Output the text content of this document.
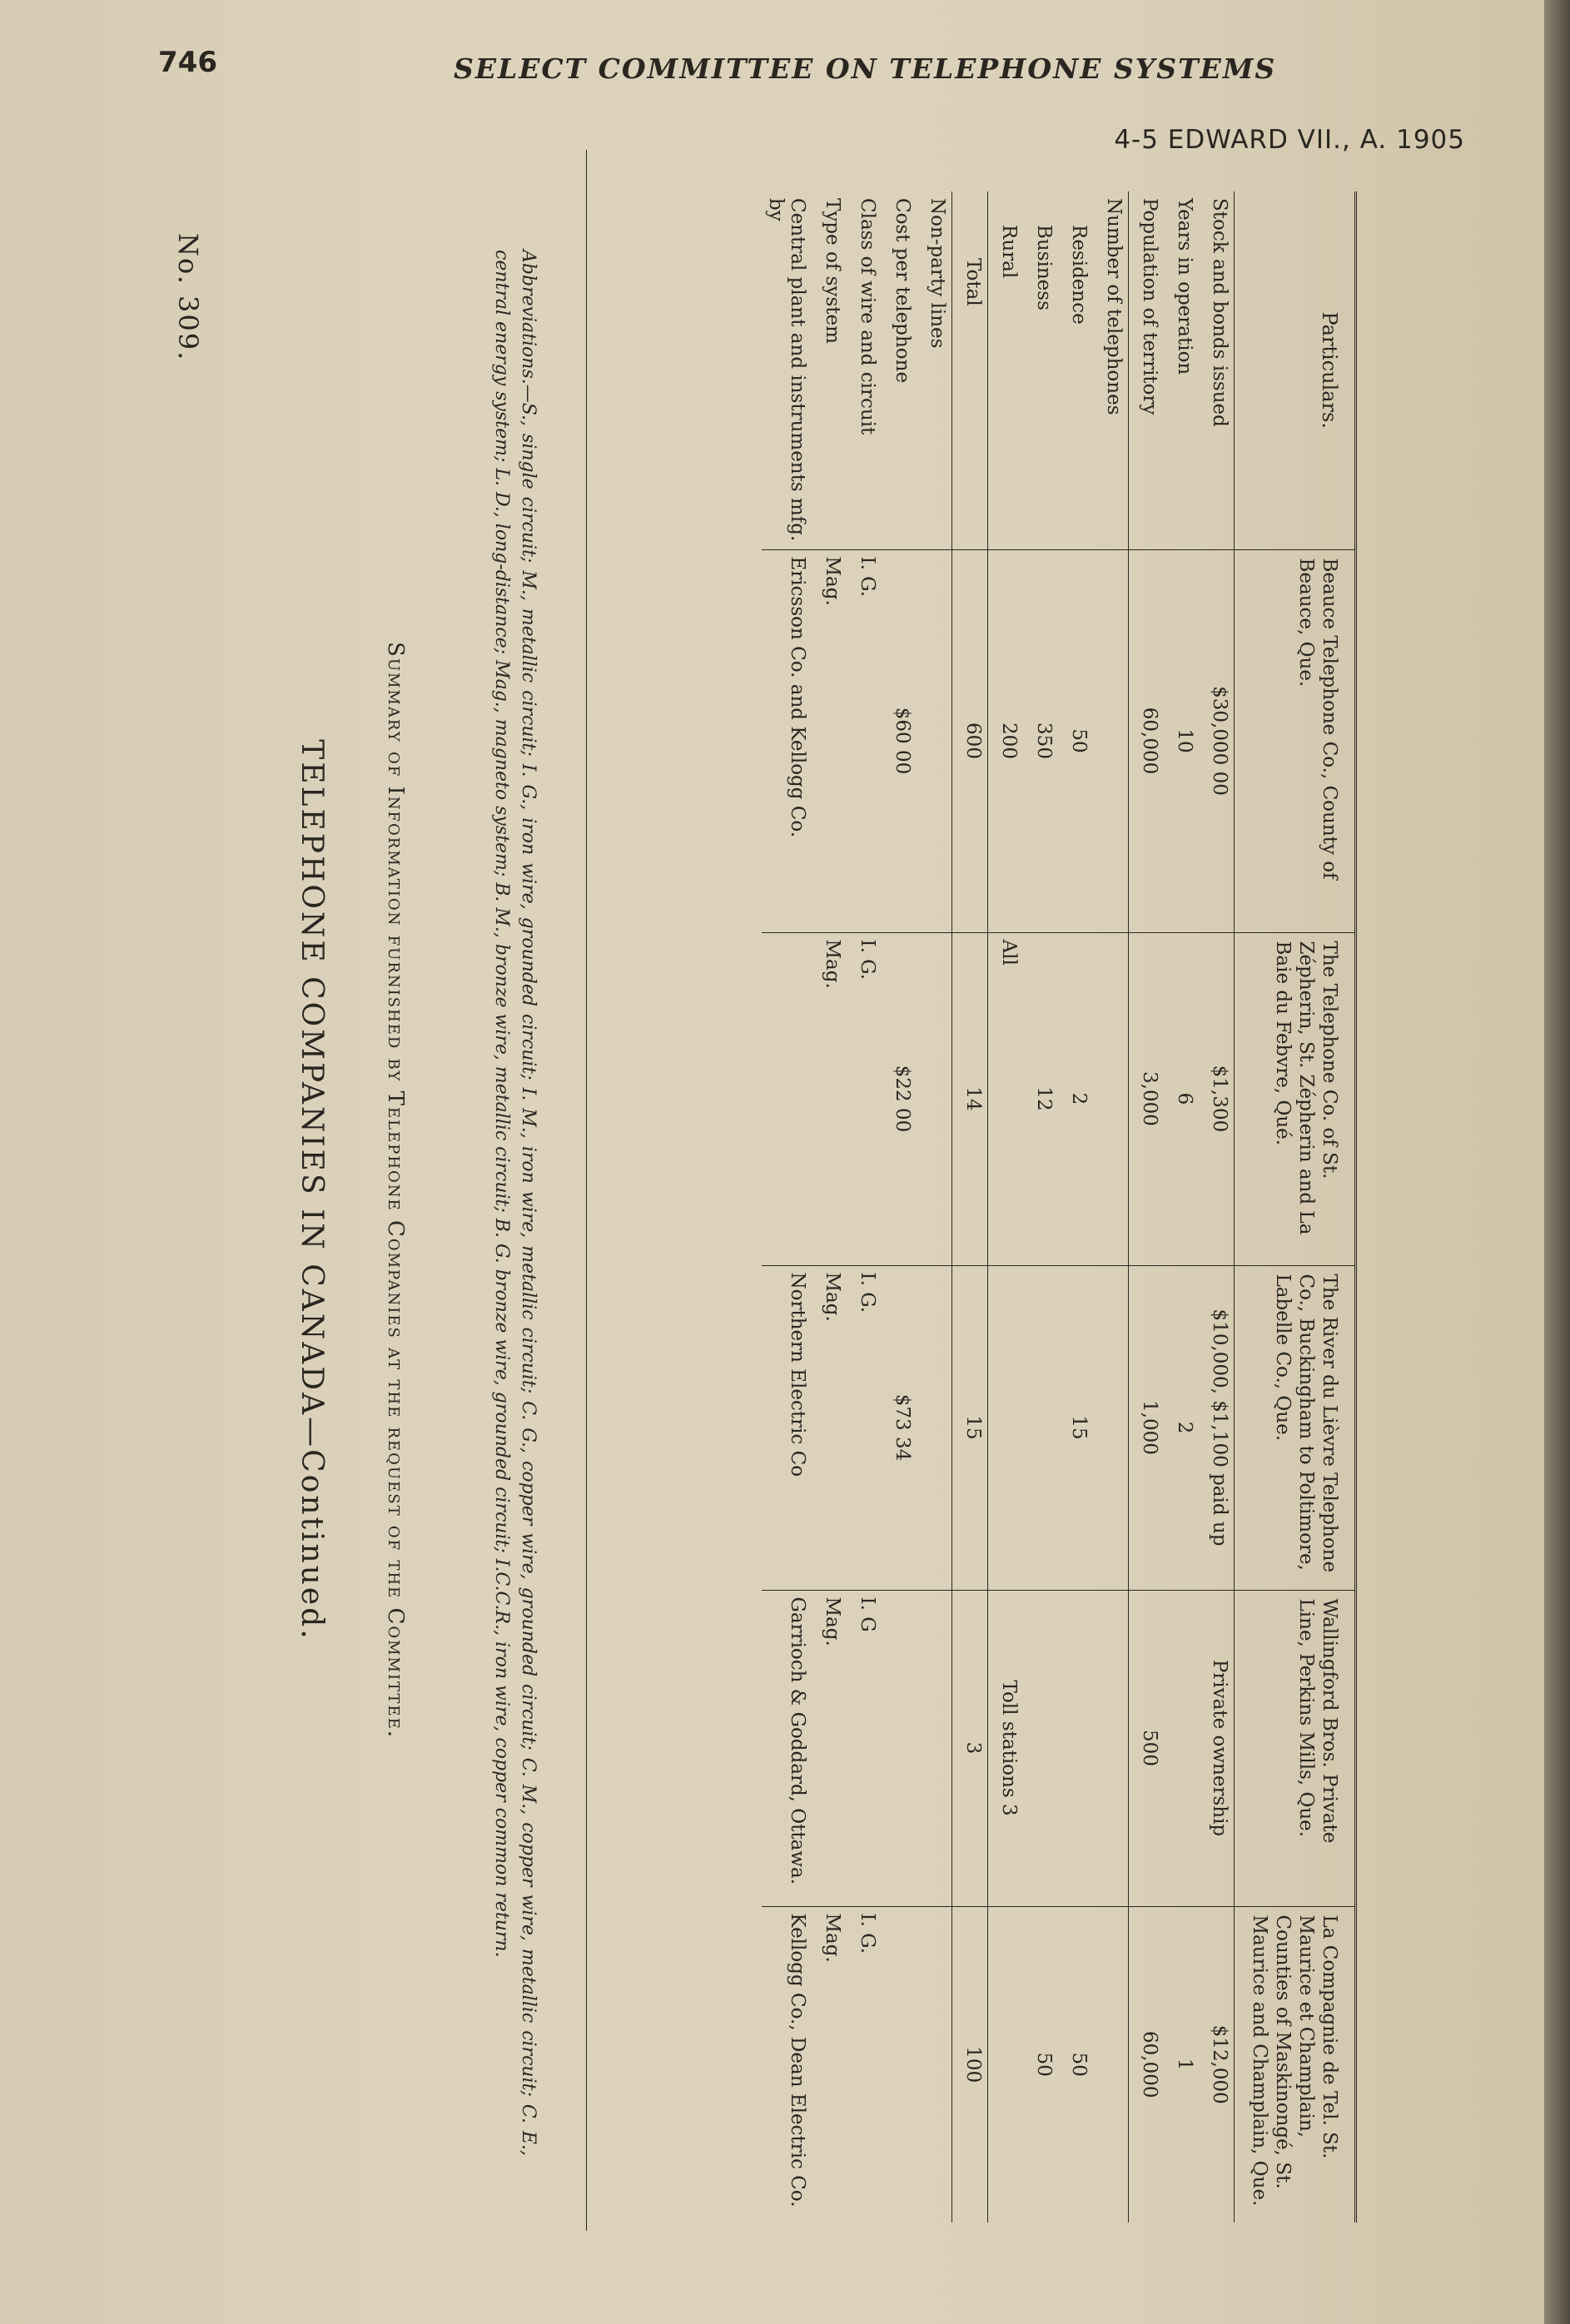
746	SELECT COMMITTEE ON TELEPHONE SYSTEMS
4-5 EDWARD VII., A. 1905
No. 309.
TELEPHONE COMPANIES IN CANADA—Continued.	Summary of Information furnished by Telephone Companies at the request of the Committee.	Abbreviations.—S., single circuit; M., metallic circuit; I. G., iron wire, grounded circuit; I. M., iron wire, metallic circuit; C. G., copper wire, grounded circuit; C. M., copper wire, metallic circuit; C. E., central energy system; L. D., long-distance; Mag., magneto system; B. M., bronze wire, metallic circuit; B. G. bronze wire, grounded circuit; I.C.C.R., iron wire, copper common return.	Particulars.	Beauce Telephone Co., County of Beauce, Que.	The Telephone Co. of St. Zépherin, St. Zépherin and La Baie du Febvre, Qué.	The River du Lièvre Telephone Co., Buckingham to Poltimore, Labelle Co., Que.	Wallingford Bros. Private Line, Perkins Mills, Que.	La Compagnie de Tel. St. Maurice et Champlain, Counties of Maskinongé, St. Maurice and Champlain, Que.
Stock and bonds issued	$30,000 00	$1,300	$10,000, $1,100 paid up	Private ownership	$12,000
Years in operation	10	6	2		1
Population of territory	60,000	3,000	1,000	500	60,000
Number of telephones					
Residence	50	2	15		50
Business	350	12			50
Rural	200	All		Toll stations 3	
Total	600	14	15	3	100
Non-party lines					
Cost per telephone	$60 00	$22 00	$73 34		
Class of wire and circuit	I. G.	I. G.	I. G.	I. G	I. G.
Type of system	Mag.	Mag.	Mag.	Mag.	Mag.
Central plant and instruments mfg. by	Ericsson Co. and Kellogg Co.		Northern Electric Co	Garrioch & Goddard, Ottawa.	Kellogg Co., Dean Electric Co.
